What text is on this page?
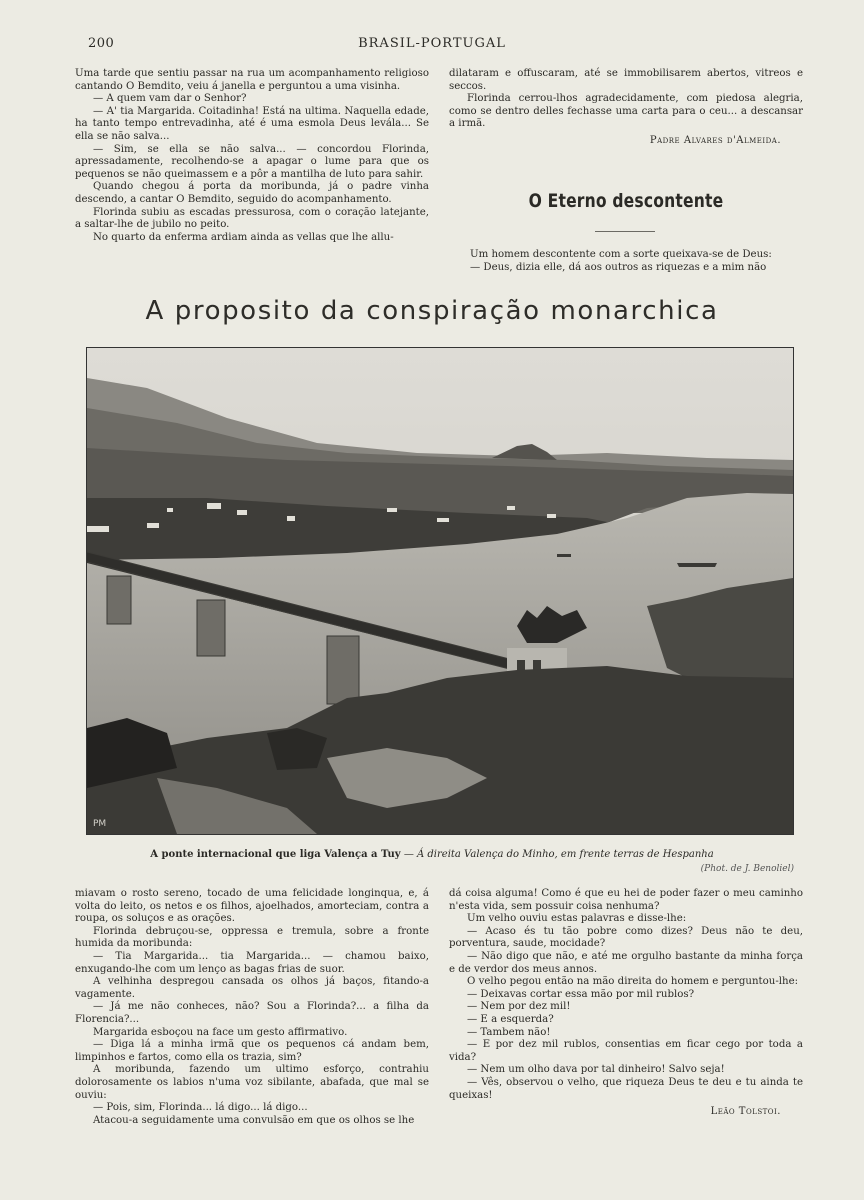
200	BRASIL-PORTUGAL

Uma tarde que sentiu passar na rua um acompanhamento religioso cantando O Bemdito, veiu á janella e perguntou a uma visinha.

— A quem vam dar o Senhor?

— A' tia Margarida. Coitadinha! Está na ultima. Naquella edade, ha tanto tempo entrevadinha, até é uma esmola Deus levála... Se ella se não salva...

— Sim, se ella se não salva... — concordou Florinda, apressadamente, recolhendo-se a apagar o lume para que os pequenos se não queimassem e a pôr a mantilha de luto para sahir.

Quando chegou á porta da moribunda, já o padre vinha descendo, a cantar O Bemdito, seguido do acompanhamento.

Florinda subiu as escadas pressurosa, com o coração latejante, a saltar-lhe de jubilo no peito.

No quarto da enferma ardiam ainda as vellas que lhe allu-

dilataram e offuscaram, até se immobilisarem abertos, vitreos e seccos.

Florinda cerrou-lhos agradecidamente, com piedosa alegria, como se dentro delles fechasse uma carta para o ceu... a descansar a irmã.

Padre Alvares d'Almeida.
O Eterno descontente

Um homem descontente com a sorte queixava-se de Deus:

— Deus, dizia elle, dá aos outros as riquezas e a mim não

A proposito da conspiração monarchica
PM
A ponte internacional que liga Valença a Tuy — Á direita Valença do Minho, em frente terras de Hespanha
(Phot. de J. Benoliel)

miavam o rosto sereno, tocado de uma felicidade longinqua, e, á volta do leito, os netos e os filhos, ajoelhados, amorteciam, contra a roupa, os soluços e as orações.

Florinda debruçou-se, oppressa e tremula, sobre a fronte humida da moribunda:

— Tia Margarida... tia Margarida... — chamou baixo, enxugando-lhe com um lenço as bagas frias de suor.

A velhinha despregou cansada os olhos já baços, fitando-a vagamente.

— Já me não conheces, não? Sou a Florinda?... a filha da Florencia?...

Margarida esboçou na face um gesto affirmativo.

— Diga lá a minha irmã que os pequenos cá andam bem, limpinhos e fartos, como ella os trazia, sim?

A moribunda, fazendo um ultimo esforço, contrahiu dolorosamente os labios n'uma voz sibilante, abafada, que mal se ouviu:

— Pois, sim, Florinda... lá digo... lá digo...

Atacou-a seguidamente uma convulsão em que os olhos se lhe

dá coisa alguma! Como é que eu hei de poder fazer o meu caminho n'esta vida, sem possuir coisa nenhuma?

Um velho ouviu estas palavras e disse-lhe:

— Acaso és tu tão pobre como dizes? Deus não te deu, porventura, saude, mocidade?

— Não digo que não, e até me orgulho bastante da minha força e de verdor dos meus annos.

O velho pegou então na mão direita do homem e perguntou-lhe:

— Deixavas cortar essa mão por mil rublos?

— Nem por dez mil!

— E a esquerda?

— Tambem não!

— E por dez mil rublos, consentias em ficar cego por toda a vida?

— Nem um olho dava por tal dinheiro! Salvo seja!

— Vês, observou o velho, que riqueza Deus te deu e tu ainda te queixas!

Leão Tolstoi.
